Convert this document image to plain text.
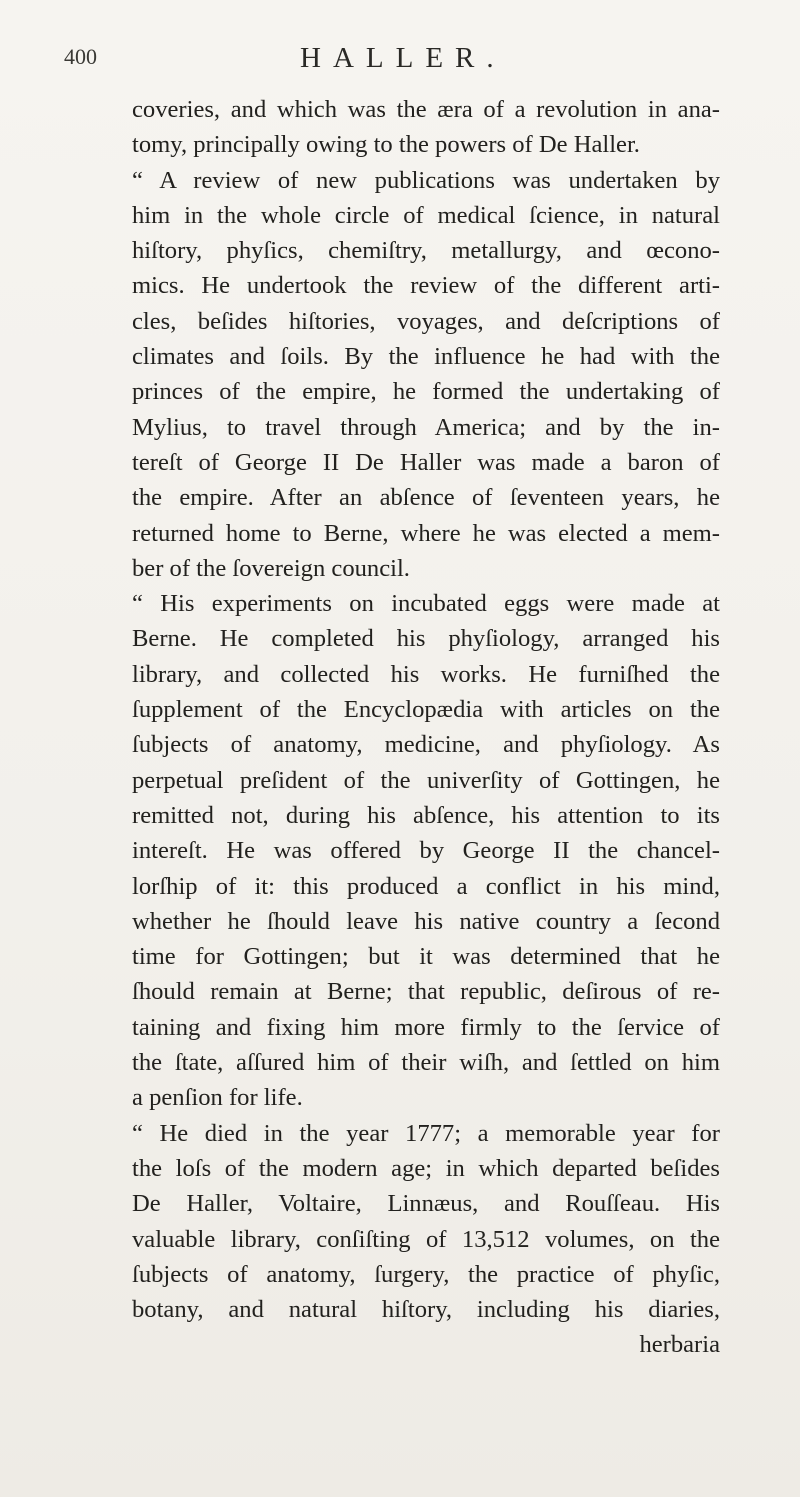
400	HALLER.
coveries, and which was the æra of a revolution in ana-
tomy, principally owing to the powers of De Haller.
“ A review of new publications was undertaken by
him in the whole circle of medical ſcience, in natural
hiſtory, phyſics, chemiſtry, metallurgy, and œcono-
mics. He undertook the review of the different arti-
cles, beſides hiſtories, voyages, and deſcriptions of
climates and ſoils. By the influence he had with the
princes of the empire, he formed the undertaking of
Mylius, to travel through America; and by the in-
tereſt of George II De Haller was made a baron of
the empire. After an abſence of ſeventeen years, he
returned home to Berne, where he was elected a mem-
ber of the ſovereign council.
“ His experiments on incubated eggs were made at
Berne. He completed his phyſiology, arranged his
library, and collected his works. He furniſhed the
ſupplement of the Encyclopædia with articles on the
ſubjects of anatomy, medicine, and phyſiology. As
perpetual preſident of the univerſity of Gottingen, he
remitted not, during his abſence, his attention to its
intereſt. He was offered by George II the chancel-
lorſhip of it: this produced a conflict in his mind,
whether he ſhould leave his native country a ſecond
time for Gottingen; but it was determined that he
ſhould remain at Berne; that republic, deſirous of re-
taining and fixing him more firmly to the ſervice of
the ſtate, aſſured him of their wiſh, and ſettled on him
a penſion for life.
“ He died in the year 1777; a memorable year for
the loſs of the modern age; in which departed beſides
De Haller, Voltaire, Linnæus, and Rouſſeau. His
valuable library, conſiſting of 13,512 volumes, on the
ſubjects of anatomy, ſurgery, the practice of phyſic,
botany, and natural hiſtory, including his diaries,
herbaria
